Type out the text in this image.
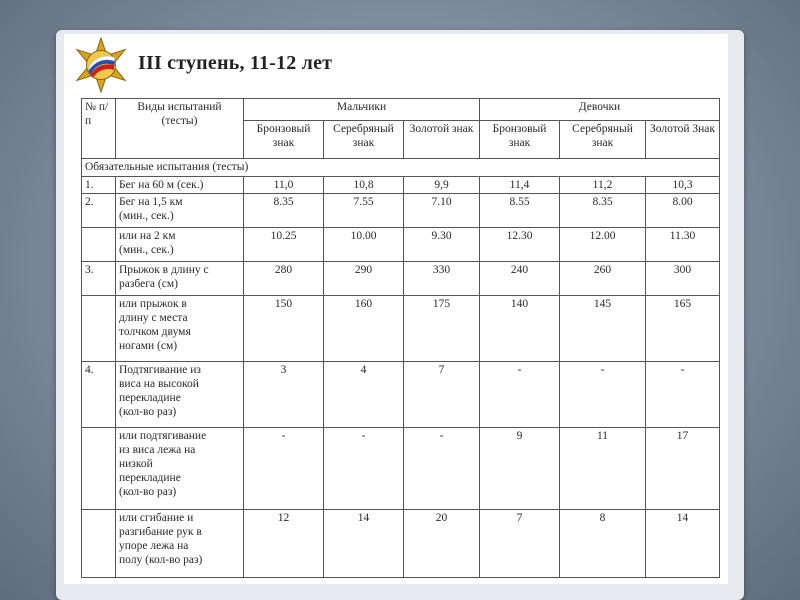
III ступень, 11-12 лет
№ п/п	Виды испытаний (тесты)	Мальчики			Девочки		
		Бронзовый знак	Серебряный знак	Золотой знак	Бронзовый знак	Серебряный знак	Золотой Знак
Обязательные испытания (тесты)							
1.	Бег на 60 м (сек.)	11,0	10,8	9,9	11,4	11,2	10,3
2.	Бег на 1,5 км
(мин., сек.)	8.35	7.55	7.10	8.55	8.35	8.00
	или на 2 км
(мин., сек.)	10.25	10.00	9.30	12.30	12.00	11.30
3.	Прыжок в длину с
разбега (см)	280	290	330	240	260	300
	или прыжок в
длину с места
толчком двумя
ногами (см)	150	160	175	140	145	165
4.	Подтягивание из
виса на высокой
перекладине
(кол-во раз)	3	4	7	-	-	-
	или подтягивание
из виса лежа на
низкой
перекладине
(кол-во раз)	-	-	-	9	11	17
	или сгибание и
разгибание рук в
упоре лежа на
полу (кол-во раз)	12	14	20	7	8	14
